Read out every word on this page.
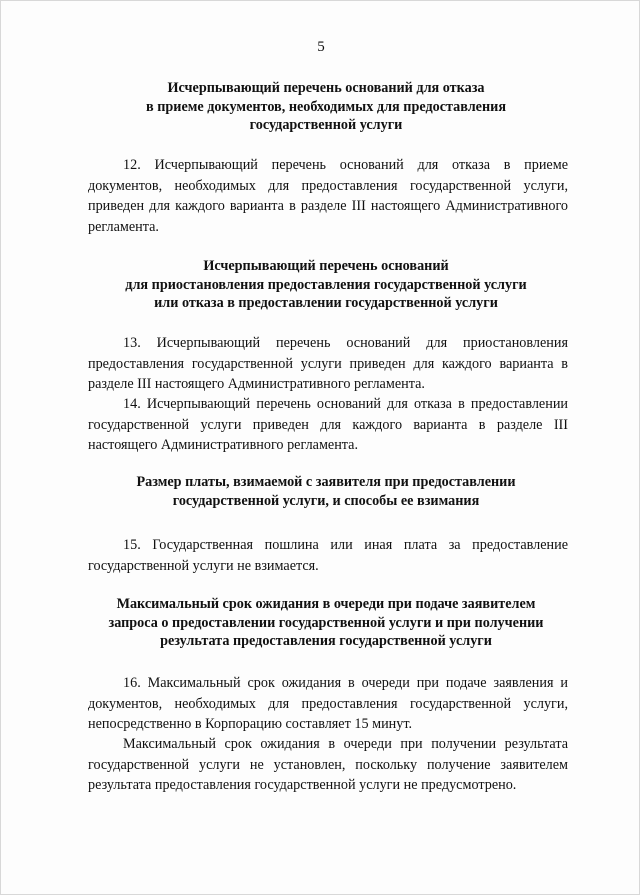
5
Исчерпывающий перечень оснований для отказа
в приеме документов, необходимых для предоставления
государственной услуги

12. Исчерпывающий перечень оснований для отказа в приеме документов, необходимых для предоставления государственной услуги, приведен для каждого варианта в разделе III настоящего Административного регламента.

Исчерпывающий перечень оснований
для приостановления предоставления государственной услуги
или отказа в предоставлении государственной услуги

13. Исчерпывающий перечень оснований для приостановления предоставления государственной услуги приведен для каждого варианта в разделе III настоящего Административного регламента.

14. Исчерпывающий перечень оснований для отказа в предоставлении государственной услуги приведен для каждого варианта в разделе III настоящего Административного регламента.

Размер платы, взимаемой с заявителя при предоставлении
государственной услуги, и способы ее взимания

15. Государственная пошлина или иная плата за предоставление государственной услуги не взимается.

Максимальный срок ожидания в очереди при подаче заявителем
запроса о предоставлении государственной услуги и при получении
результата предоставления государственной услуги

16. Максимальный срок ожидания в очереди при подаче заявления и документов, необходимых для предоставления государственной услуги, непосредственно в Корпорацию составляет 15 минут.

Максимальный срок ожидания в очереди при получении результата государственной услуги не установлен, поскольку получение заявителем результата предоставления государственной услуги не предусмотрено.
